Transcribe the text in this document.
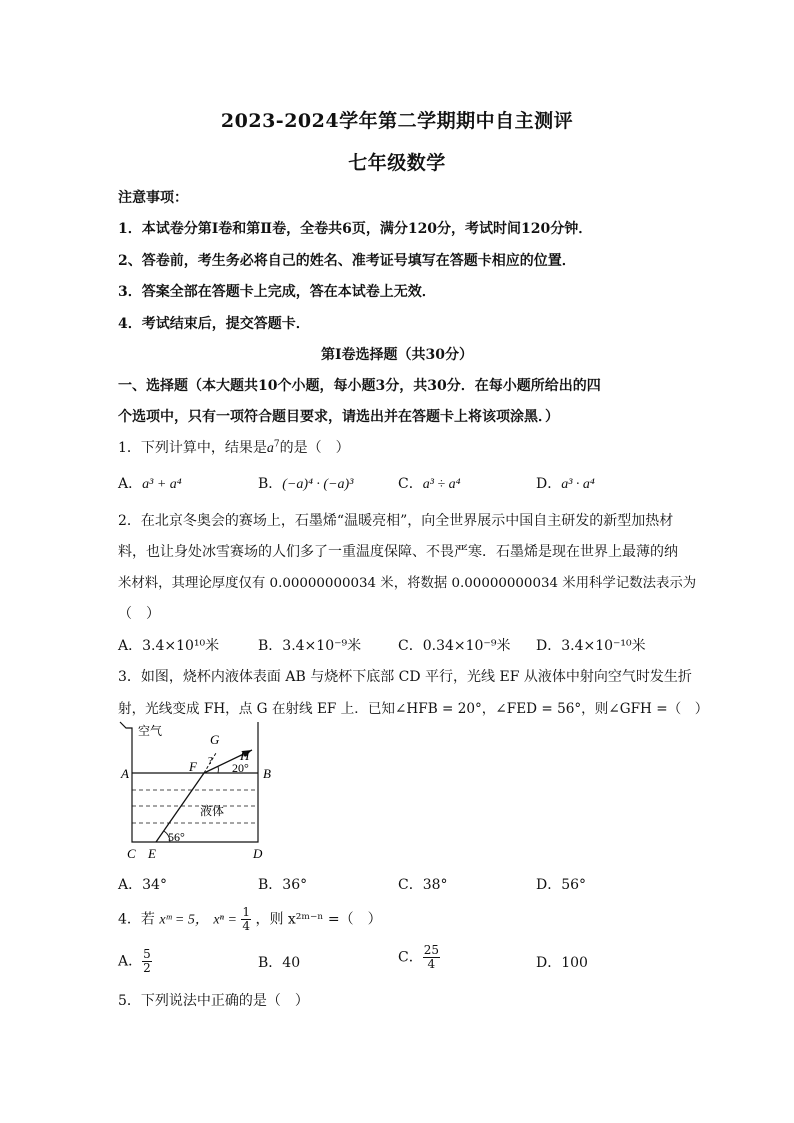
2023-2024学年第二学期期中自主测评
七年级数学
注意事项：
1．本试卷分第Ⅰ卷和第Ⅱ卷，全卷共6页，满分120分，考试时间120分钟．
2、答卷前，考生务必将自己的姓名、准考证号填写在答题卡相应的位置．
3．答案全部在答题卡上完成，答在本试卷上无效．
4．考试结束后，提交答题卡．
第Ⅰ卷选择题（共30分）
一、选择题（本大题共10个小题，每小题3分，共30分．在每小题所给出的四
个选项中，只有一项符合题目要求，请选出并在答题卡上将该项涂黑．）
1．下列计算中，结果是$a^7$的是（　）
A．a³ + a⁴	B．(−a)⁴ · (−a)³	C．a³ ÷ a⁴	D．a³ · a⁴
2．在北京冬奥会的赛场上，石墨烯“温暖亮相”，向全世界展示中国自主研发的新型加热材
料，也让身处冰雪赛场的人们多了一重温度保障、不畏严寒．石墨烯是现在世界上最薄的纳
米材料，其理论厚度仅有 0.00000000034 米，将数据 0.00000000034 米用科学记数法表示为
（　）
A．3.4×10¹⁰米	B．3.4×10⁻⁹米	C．0.34×10⁻⁹米 D．3.4×10⁻¹⁰米
3．如图，烧杯内液体表面 AB 与烧杯下底部 CD 平行，光线 EF 从液体中射向空气时发生折
射，光线变成 FH，点 G 在射线 EF 上．已知∠HFB = 20°，∠FED = 56°，则∠GFH =（　）
空气
液体
A	B
C	D
E
F
G
H
? 20°
56°
A．34°	B．36°	C．38°	D．56°
4．若 xᵐ = 5， $x^n = \frac{1}{4}$ ，则 x²ᵐ⁻ⁿ =（　）
A． $\frac{5}{2}$	B．40	C． $\frac{25}{4}$	D．100
5．下列说法中正确的是（　）
